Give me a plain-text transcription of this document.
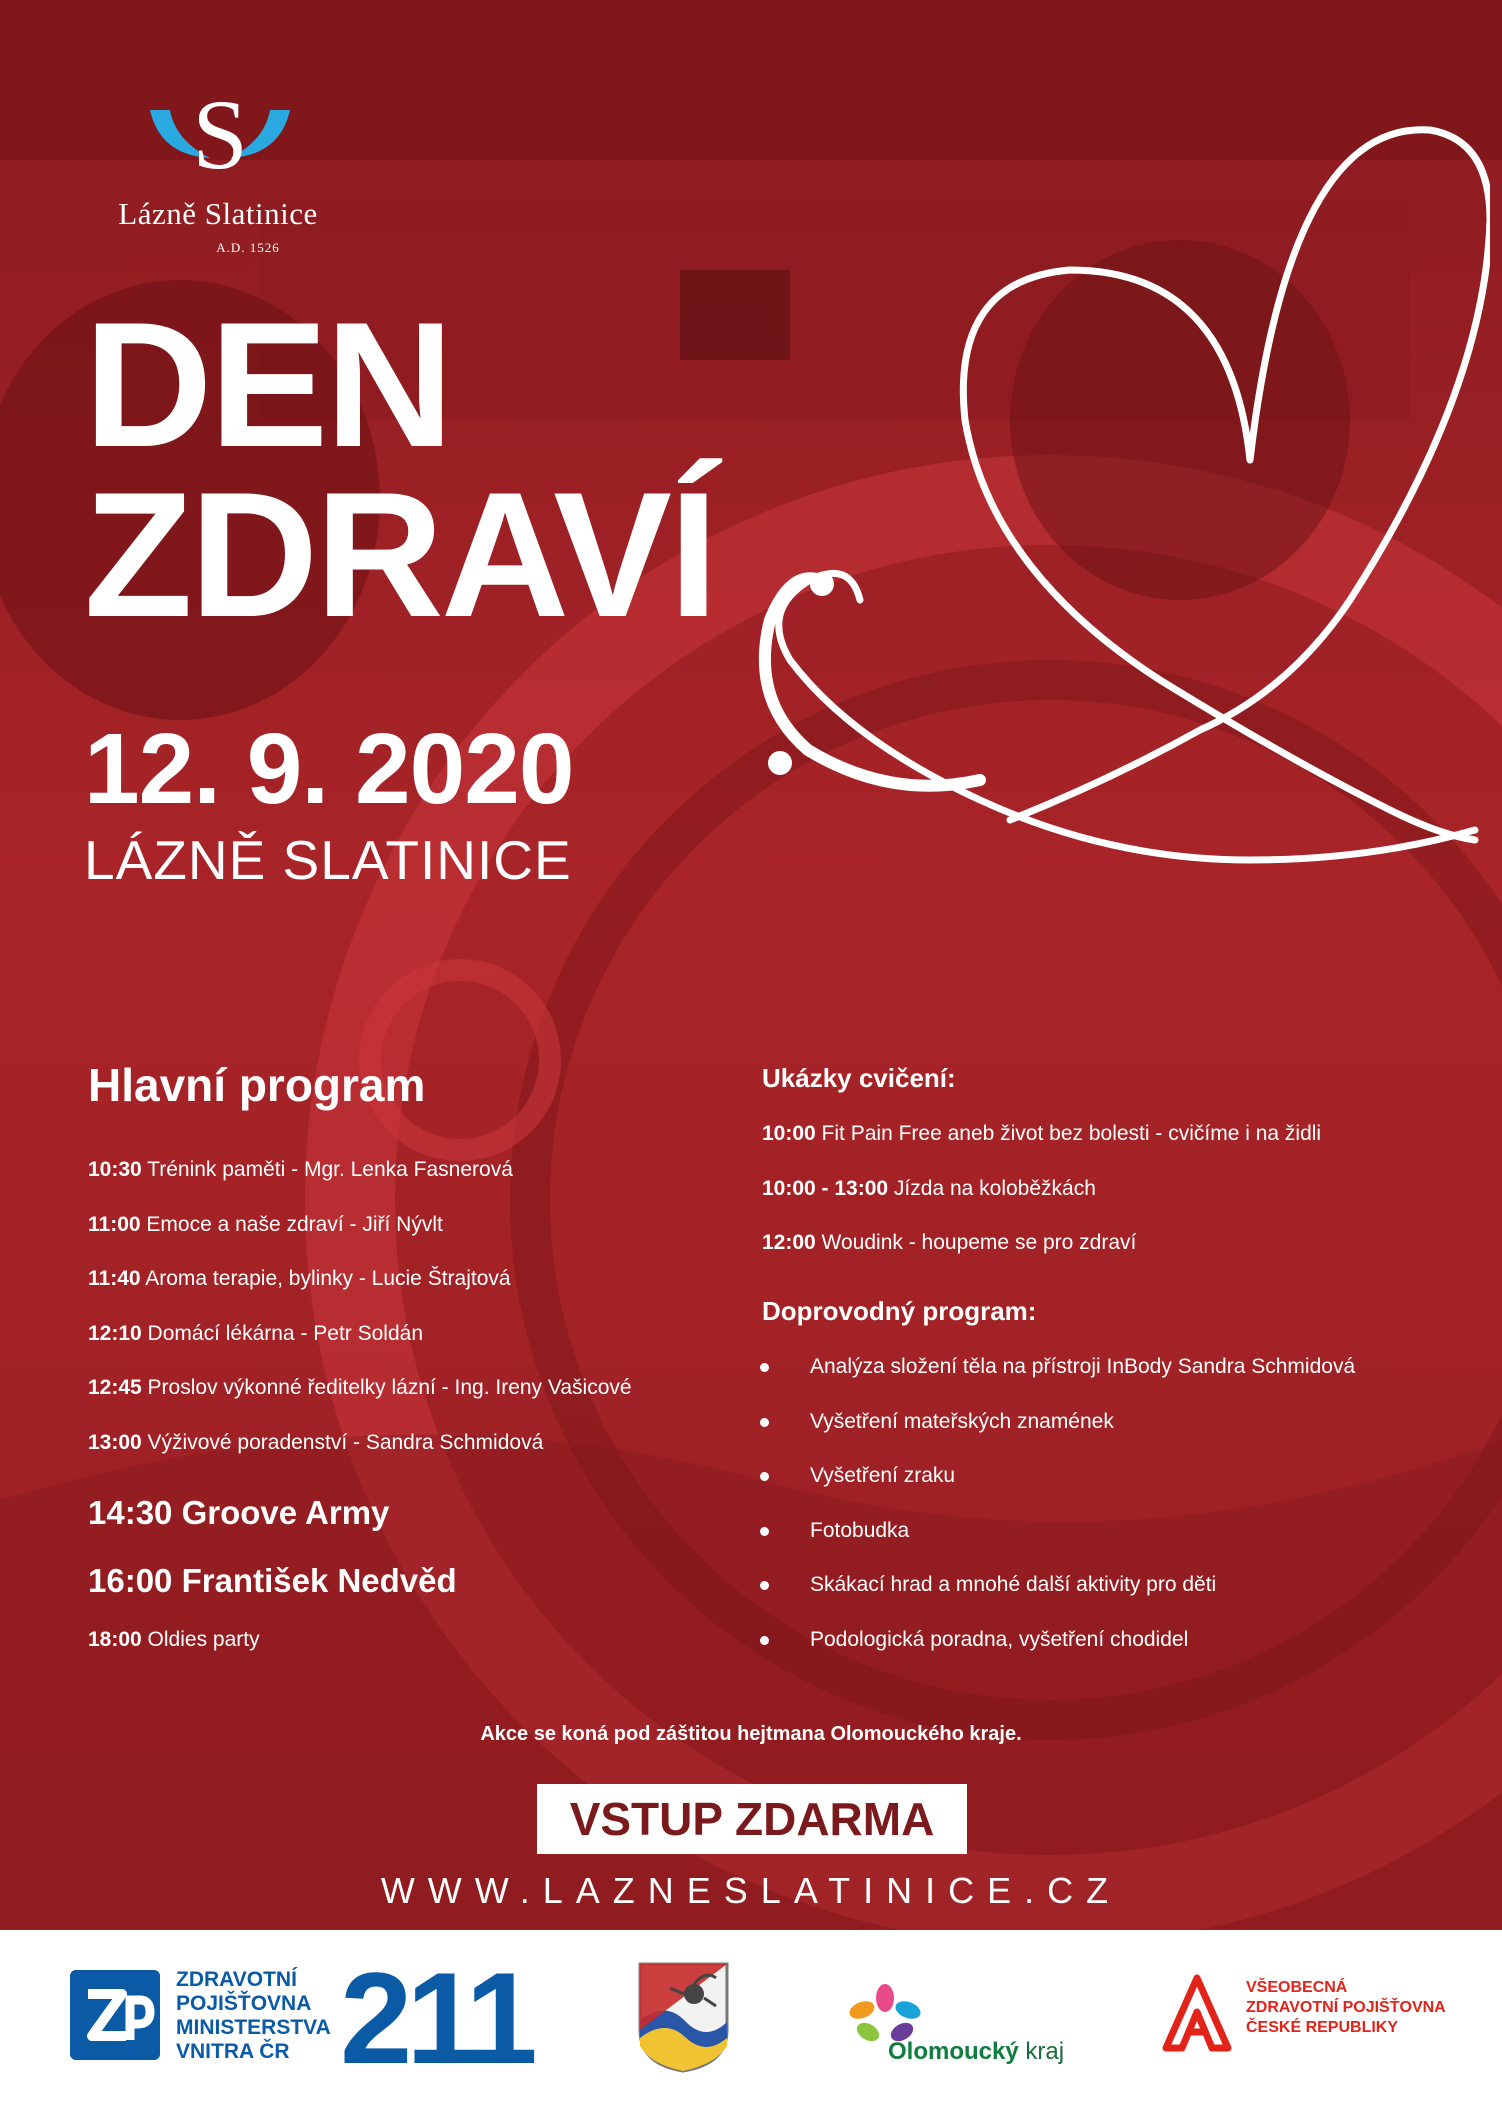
S
Lázně Slatinice
A.D. 1526
DEN
ZDRAVÍ
12. 9. 2020
LÁZNĚ SLATINICE
Hlavní program
10:30 Trénink paměti - Mgr. Lenka Fasnerová
11:00 Emoce a naše zdraví - Jiří Nývlt
11:40 Aroma terapie, bylinky - Lucie Štrajtová
12:10 Domácí lékárna - Petr Soldán
12:45 Proslov výkonné ředitelky lázní - Ing. Ireny Vašicové
13:00 Výživové poradenství - Sandra Schmidová
14:30 Groove Army
16:00 František Nedvěd
18:00 Oldies party
Ukázky cvičení:
10:00 Fit Pain Free aneb život bez bolesti - cvičíme i na židli
10:00 - 13:00 Jízda na koloběžkách
12:00 Woudink - houpeme se pro zdraví
Doprovodný program:
Analýza složení těla na přístroji InBody Sandra Schmidová
Vyšetření mateřských znamének
Vyšetření zraku
Fotobudka
Skákací hrad a mnohé další aktivity pro děti
Podologická poradna, vyšetření chodidel
Akce se koná pod záštitou hejtmana Olomouckého kraje.
VSTUP ZDARMA
WWW.LAZNESLATINICE.CZ
ZDRAVOTNÍ
POJIŠŤOVNA
MINISTERSTVA
VNITRA ČR 211	Olomoucký kraj
VŠEOBECNÁ
ZDRAVOTNÍ POJIŠŤOVNA
ČESKÉ REPUBLIKY
